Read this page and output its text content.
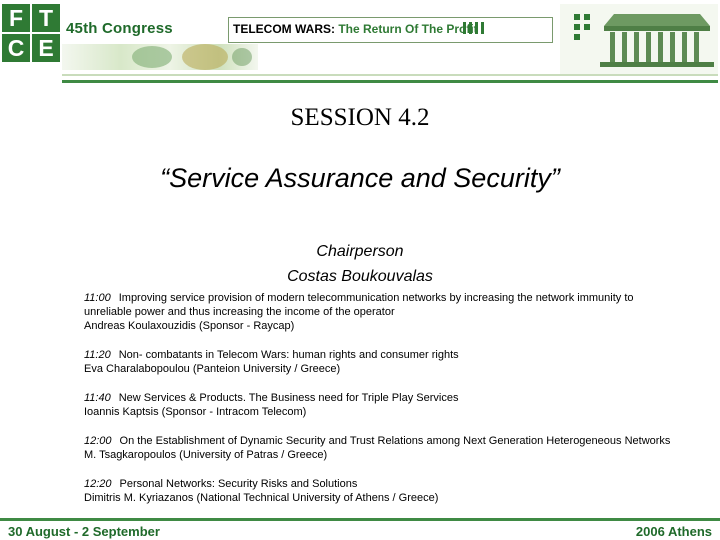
F T
C E
45th Congress	TELECOM WARS: The Return Of The Profit
SESSION 4.2
“Service Assurance and Security”
Chairperson
Costas Boukouvalas
11:00 Improving service provision of modern telecommunication networks by increasing the network immunity to unreliable power and thus increasing the income of the operator
Andreas Koulaxouzidis (Sponsor - Raycap)
11:20 Non- combatants in Telecom Wars: human rights and consumer rights
Eva Charalabopoulou (Panteion University / Greece)
11:40 New Services & Products. The Business need for Triple Play Services
Ioannis Kaptsis (Sponsor - Intracom Telecom)
12:00 On the Establishment of Dynamic Security and Trust Relations among Next Generation Heterogeneous Networks
M. Tsagkaropoulos (University of Patras / Greece)
12:20 Personal Networks: Security Risks and Solutions
Dimitris M. Kyriazanos (National Technical University of Athens / Greece)
30 August - 2 September	2006 Athens
